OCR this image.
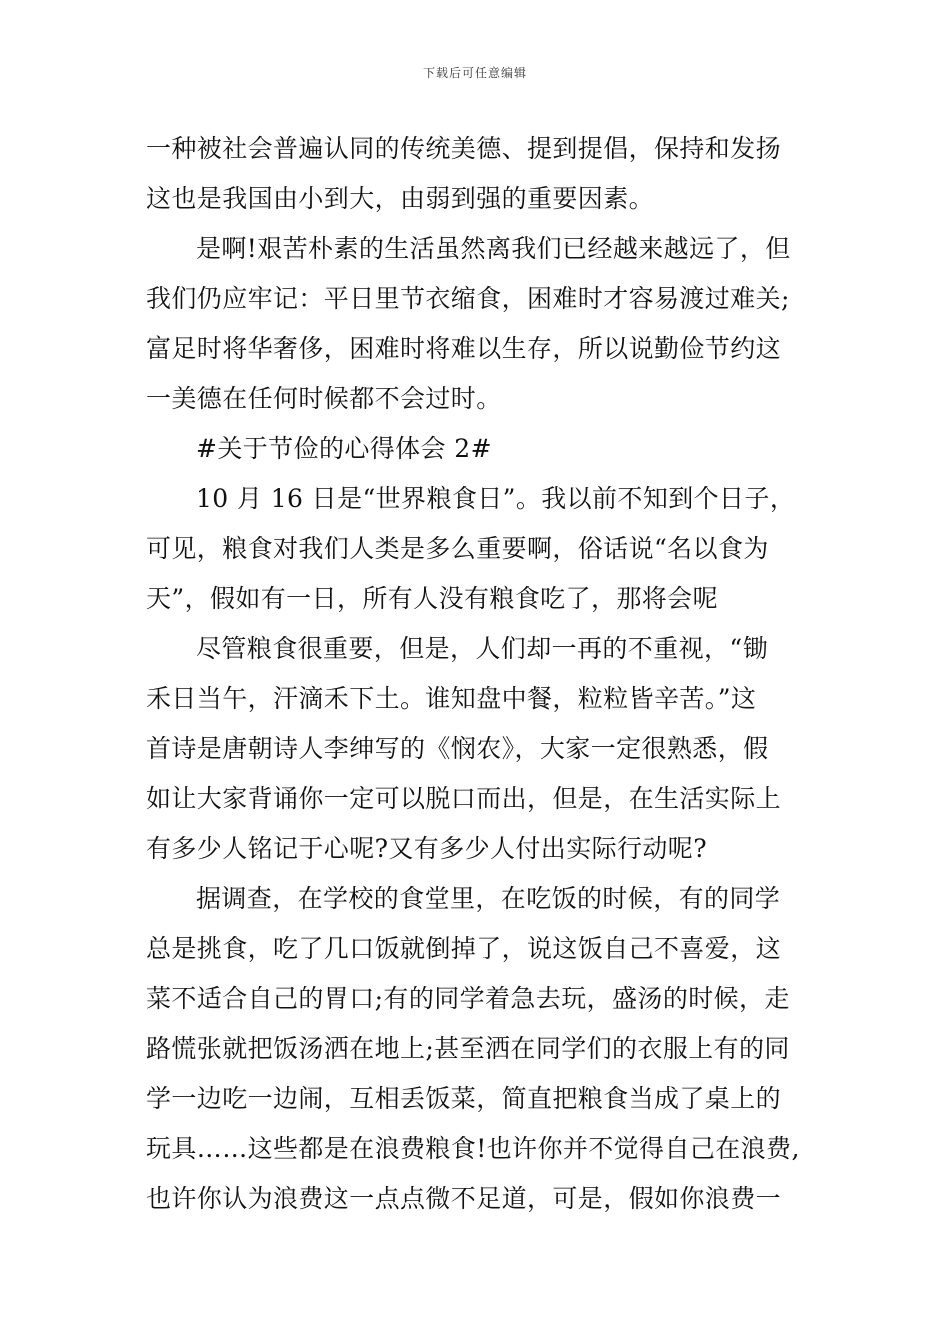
下载后可任意编辑
一种被社会普遍认同的传统美德、提到提倡，保持和发扬
这也是我国由小到大，由弱到强的重要因素。
是啊!艰苦朴素的生活虽然离我们已经越来越远了，但
我们仍应牢记：平日里节衣缩食，困难时才容易渡过难关;
富足时将华奢侈，困难时将难以生存，所以说勤俭节约这
一美德在任何时候都不会过时。
#关于节俭的心得体会 2#
10 月 16 日是“世界粮食日”。我以前不知到个日子，
可见，粮食对我们人类是多么重要啊，俗话说“名以食为
天”，假如有一日，所有人没有粮食吃了，那将会呢
尽管粮食很重要，但是，人们却一再的不重视，“锄
禾日当午，汗滴禾下土。谁知盘中餐，粒粒皆辛苦。”这
首诗是唐朝诗人李绅写的《悯农》，大家一定很熟悉，假
如让大家背诵你一定可以脱口而出，但是，在生活实际上
有多少人铭记于心呢?又有多少人付出实际行动呢?
据调查，在学校的食堂里，在吃饭的时候，有的同学
总是挑食，吃了几口饭就倒掉了，说这饭自己不喜爱，这
菜不适合自己的胃口;有的同学着急去玩，盛汤的时候，走
路慌张就把饭汤洒在地上;甚至洒在同学们的衣服上有的同
学一边吃一边闹，互相丢饭菜，简直把粮食当成了桌上的
玩具……这些都是在浪费粮食!也许你并不觉得自己在浪费,
也许你认为浪费这一点点微不足道，可是，假如你浪费一
